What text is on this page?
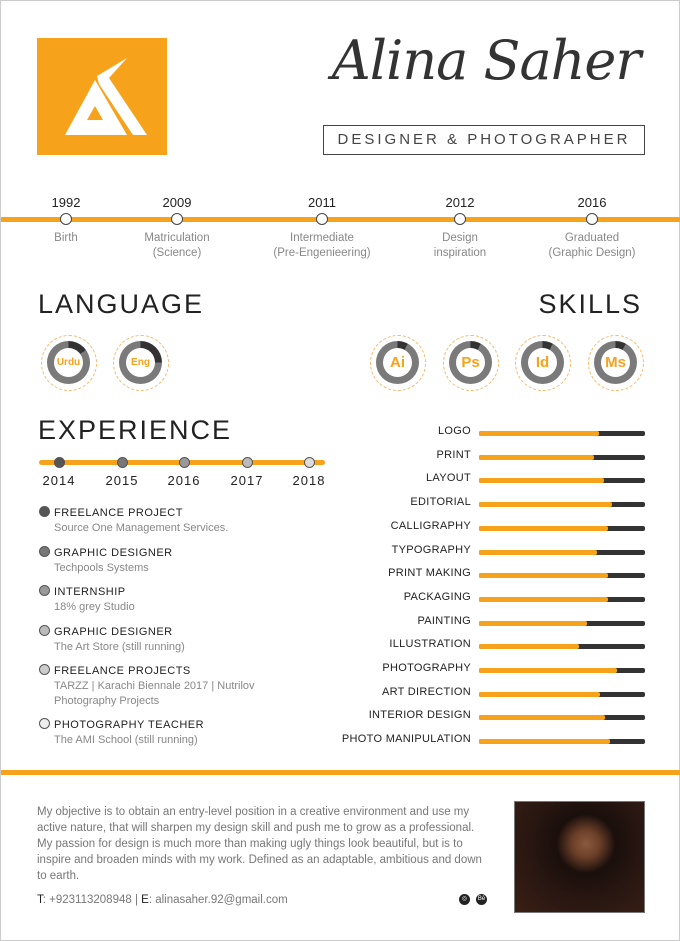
Alina Saher
DESIGNER & PHOTOGRAPHER
1992
Birth
2009
Matriculation
(Science)
2011
Intermediate
(Pre-Engenieering)
2012
Design
inspiration
2016
Graduated
(Graphic Design)
LANGUAGE	SKILLS
Urdu	Eng	Ai	Ps	Id	Ms
EXPERIENCE
2014	2015	2016	2017	2018
FREELANCE PROJECT
Source One Management Services.
GRAPHIC DESIGNER
Techpools Systems
INTERNSHIP
18% grey Studio
GRAPHIC DESIGNER
The Art Store (still running)
FREELANCE PROJECTS
TARZZ | Karachi Biennale 2017 | Nutrilov
Photography Projects
PHOTOGRAPHY TEACHER
The AMI School (still running)
LOGO
PRINT
LAYOUT
EDITORIAL
CALLIGRAPHY
TYPOGRAPHY
PRINT MAKING
PACKAGING
PAINTING
ILLUSTRATION
PHOTOGRAPHY
ART DIRECTION
INTERIOR DESIGN
PHOTO MANIPULATION
My objective is to obtain an entry-level position in a creative environment and use my active nature, that will sharpen my design skill and push me to grow as a professional. My passion for design is much more than making ugly things look beautiful, but is to inspire and broaden minds with my work. Defined as an adaptable, ambitious and down to earth.
T: +923113208948 | E: alinasaher.92@gmail.com	◎	Bē
